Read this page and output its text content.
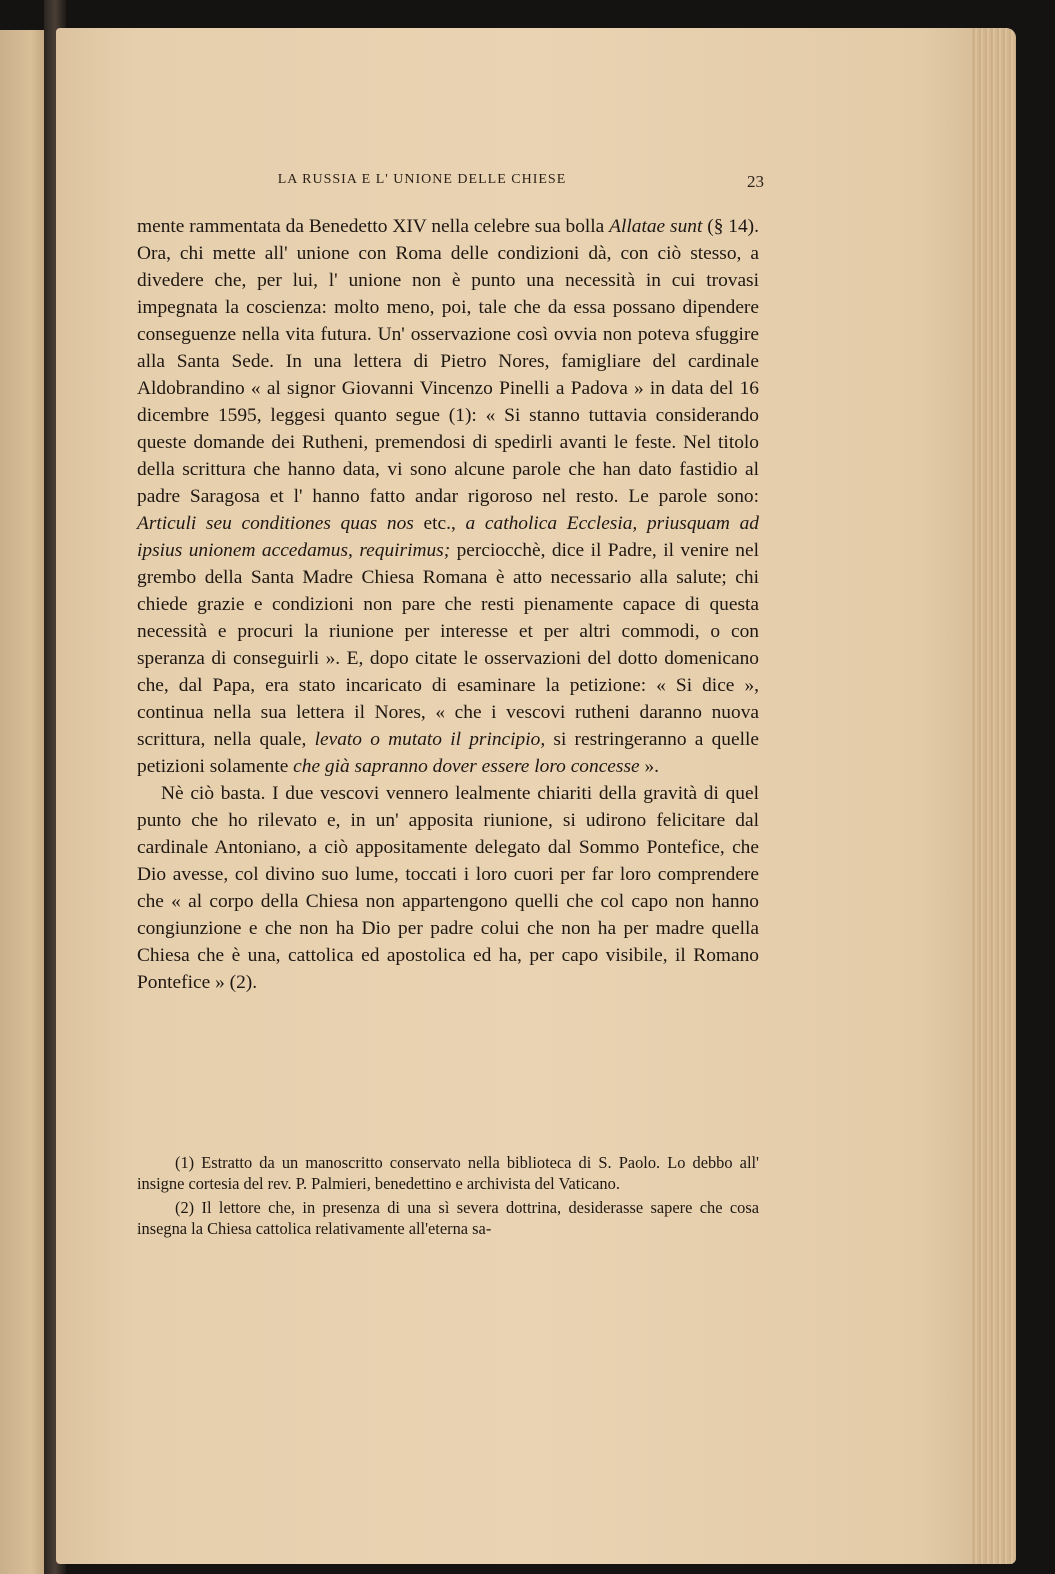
LA RUSSIA E L' UNIONE DELLE CHIESE	23

mente rammentata da Benedetto XIV nella celebre sua bolla Allatae sunt (§ 14). Ora, chi mette all' unione con Roma delle condizioni dà, con ciò stesso, a divedere che, per lui, l' unione non è punto una necessità in cui trovasi impegnata la coscienza: molto meno, poi, tale che da essa possano dipendere conseguenze nella vita futura. Un' osservazione così ovvia non poteva sfuggire alla Santa Sede. In una lettera di Pietro Nores, famigliare del cardinale Aldobrandino « al signor Giovanni Vincenzo Pinelli a Padova » in data del 16 dicembre 1595, leggesi quanto segue (1): « Si stanno tuttavia considerando queste domande dei Rutheni, premendosi di spedirli avanti le feste. Nel titolo della scrittura che hanno data, vi sono alcune parole che han dato fastidio al padre Saragosa et l' hanno fatto andar rigoroso nel resto. Le parole sono: Articuli seu conditiones quas nos etc., a catholica Ecclesia, priusquam ad ipsius unionem accedamus, requirimus; perciocchè, dice il Padre, il venire nel grembo della Santa Madre Chiesa Romana è atto necessario alla salute; chi chiede grazie e condizioni non pare che resti pienamente capace di questa necessità e procuri la riunione per interesse et per altri commodi, o con speranza di conseguirli ». E, dopo citate le osservazioni del dotto domenicano che, dal Papa, era stato incaricato di esaminare la petizione: « Si dice », continua nella sua lettera il Nores, « che i vescovi rutheni daranno nuova scrittura, nella quale, levato o mutato il principio, si restringeranno a quelle petizioni solamente che già sapranno dover essere loro concesse ».

Nè ciò basta. I due vescovi vennero lealmente chiariti della gravità di quel punto che ho rilevato e, in un' apposita riunione, si udirono felicitare dal cardinale Antoniano, a ciò appositamente delegato dal Sommo Pontefice, che Dio avesse, col divino suo lume, toccati i loro cuori per far loro comprendere che « al corpo della Chiesa non appartengono quelli che col capo non hanno congiunzione e che non ha Dio per padre colui che non ha per madre quella Chiesa che è una, cattolica ed apostolica ed ha, per capo visibile, il Romano Pontefice » (2).

(1) Estratto da un manoscritto conservato nella biblioteca di S. Paolo. Lo debbo all' insigne cortesia del rev. P. Palmieri, benedettino e archivista del Vaticano.

(2) Il lettore che, in presenza di una sì severa dottrina, desiderasse sapere che cosa insegna la Chiesa cattolica relativamente all'eterna sa-
